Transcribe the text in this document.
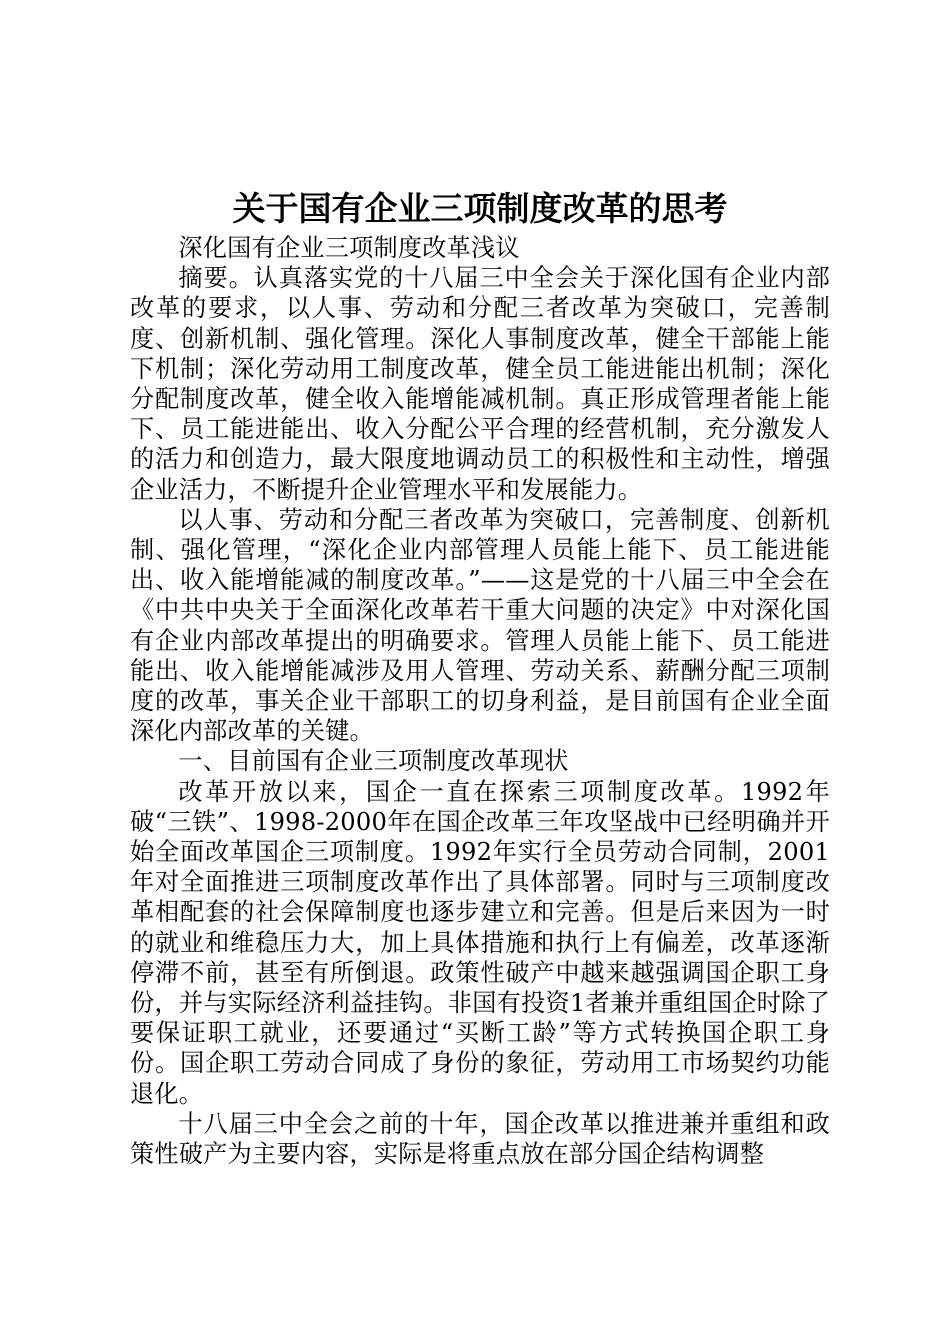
关于国有企业三项制度改革的思考

深化国有企业三项制度改革浅议

摘要。认真落实党的十八届三中全会关于深化国有企业内部改革的要求，以人事、劳动和分配三者改革为突破口，完善制度、创新机制、强化管理。深化人事制度改革，健全干部能上能下机制；深化劳动用工制度改革，健全员工能进能出机制；深化分配制度改革，健全收入能增能减机制。真正形成管理者能上能下、员工能进能出、收入分配公平合理的经营机制，充分激发人的活力和创造力，最大限度地调动员工的积极性和主动性，增强企业活力，不断提升企业管理水平和发展能力。

以人事、劳动和分配三者改革为突破口，完善制度、创新机制、强化管理，“深化企业内部管理人员能上能下、员工能进能出、收入能增能减的制度改革。”——这是党的十八届三中全会在《中共中央关于全面深化改革若干重大问题的决定》中对深化国有企业内部改革提出的明确要求。管理人员能上能下、员工能进能出、收入能增能减涉及用人管理、劳动关系、薪酬分配三项制度的改革，事关企业干部职工的切身利益，是目前国有企业全面深化内部改革的关键。

一、目前国有企业三项制度改革现状

改革开放以来，国企一直在探索三项制度改革。1992年破“三铁”、1998-2000年在国企改革三年攻坚战中已经明确并开始全面改革国企三项制度。1992年实行全员劳动合同制，2001年对全面推进三项制度改革作出了具体部署。同时与三项制度改革相配套的社会保障制度也逐步建立和完善。但是后来因为一时的就业和维稳压力大，加上具体措施和执行上有偏差，改革逐渐停滞不前，甚至有所倒退。政策性破产中越来越强调国企职工身份，并与实际经济利益挂钩。非国有投资1者兼并重组国企时除了要保证职工就业，还要通过“买断工龄”等方式转换国企职工身份。国企职工劳动合同成了身份的象征，劳动用工市场契约功能退化。

十八届三中全会之前的十年，国企改革以推进兼并重组和政策性破产为主要内容，实际是将重点放在部分国企结构调整
